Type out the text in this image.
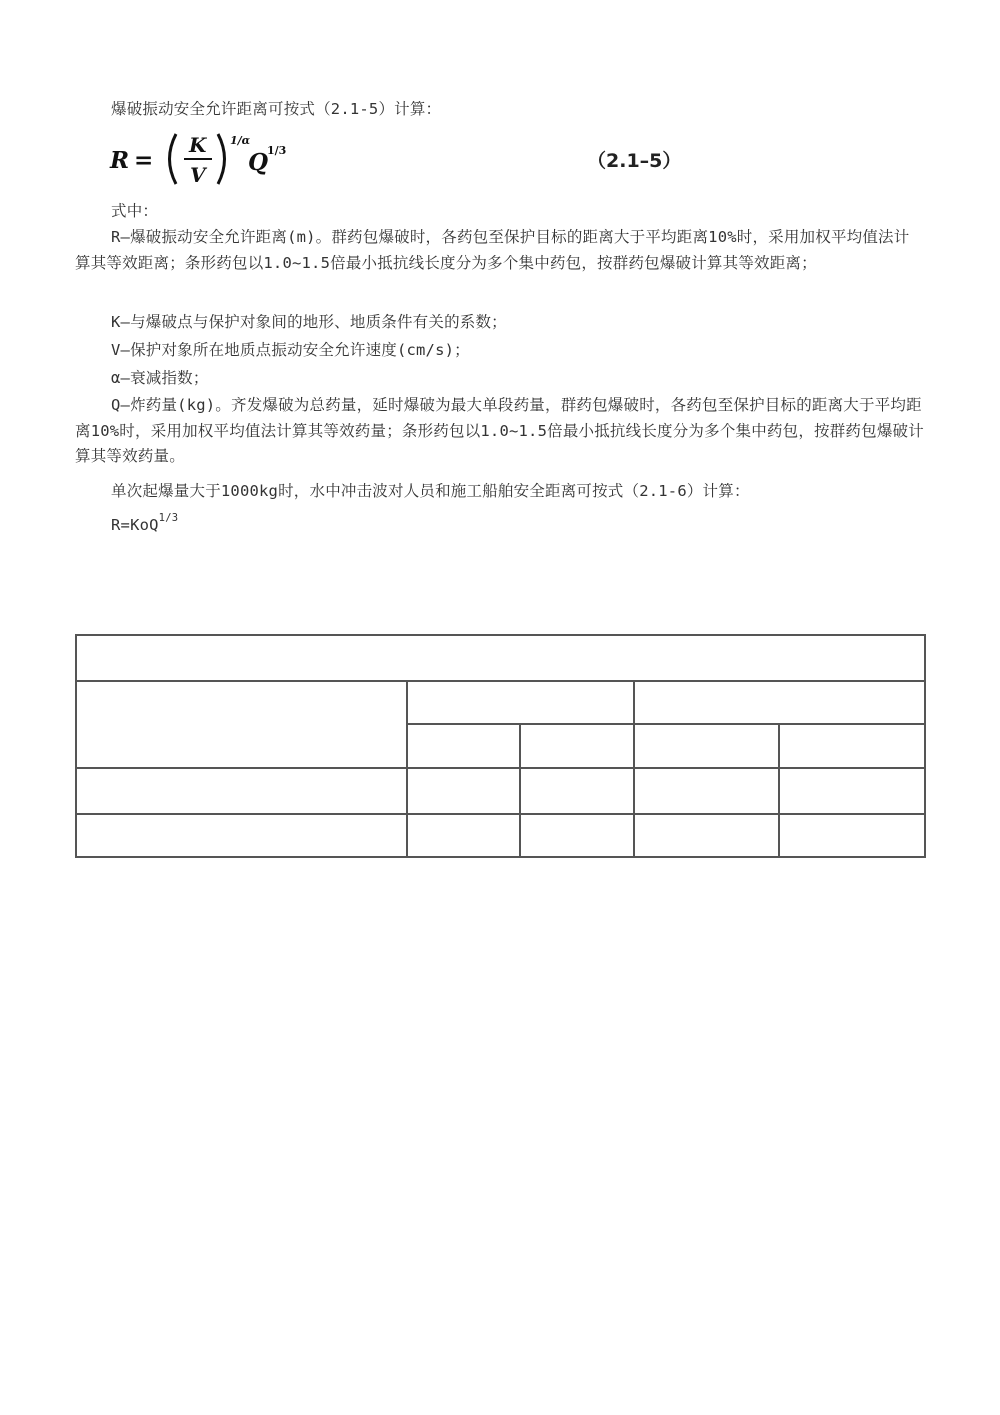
爆破振动安全允许距离可按式（2.1-5）计算：

R =
K
V
1/α
Q
1/3	（2.1–5）

式中：

R—爆破振动安全允许距离(m)。群药包爆破时，各药包至保护目标的距离大于平均距离10%时，采用加权平均值法计算其等效距离；条形药包以1.0~1.5倍最小抵抗线长度分为多个集中药包，按群药包爆破计算其等效距离；

K—与爆破点与保护对象间的地形、地质条件有关的系数；

V—保护对象所在地质点振动安全允许速度(cm/s)；

α—衰减指数；

Q—炸药量(kg)。齐发爆破为总药量，延时爆破为最大单段药量，群药包爆破时，各药包至保护目标的距离大于平均距离10%时，采用加权平均值法计算其等效药量；条形药包以1.0~1.5倍最小抵抗线长度分为多个集中药包，按群药包爆破计算其等效药量。

单次起爆量大于1000kg时，水中冲击波对人员和施工船舶安全距离可按式（2.1-6）计算：

R=KoQ$^{1/3}$
